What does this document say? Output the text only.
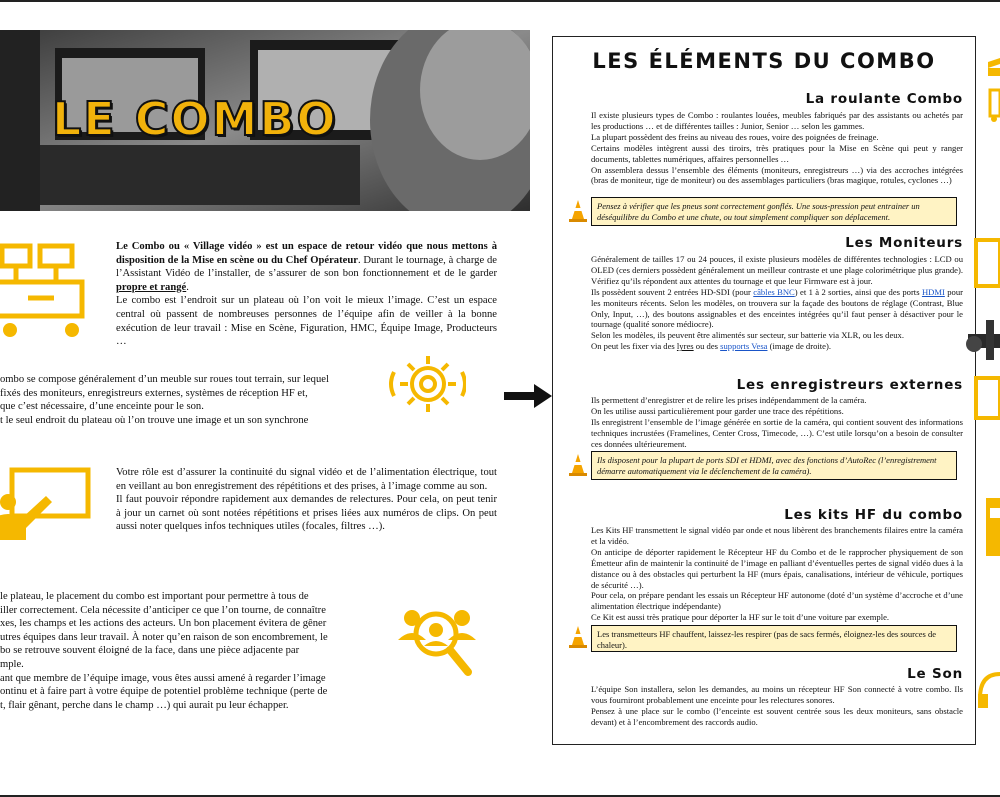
LE COMBO

Le Combo ou « Village vidéo » est un espace de retour vidéo que nous mettons à disposition de la Mise en scène ou du Chef Opérateur. Durant le tournage, à charge de l’Assistant Vidéo de l’installer, de s’assurer de son bon fonctionnement et de le garder propre et rangé.

Le combo est l’endroit sur un plateau où l’on voit le mieux l’image. C’est un espace central où passent de nombreuses personnes de l’équipe afin de veiller à la bonne exécution de leur travail : Mise en Scène, Figuration, HMC, Équipe Image, Producteurs …

ombo se compose généralement d’un meuble sur roues tout terrain, sur lequel

fixés des moniteurs, enregistreurs externes, systèmes de réception HF et,

que c’est nécessaire, d’une enceinte pour le son.

t le seul endroit du plateau où l’on trouve une image et un son synchrone

Votre rôle est d’assurer la continuité du signal vidéo et de l’alimentation électrique, tout en veillant au bon enregistrement des répétitions et des prises, à l’image comme au son.

Il faut pouvoir répondre rapidement aux demandes de relectures. Pour cela, on peut tenir à jour un carnet où sont notées répétitions et prises liées aux numéros de clips. On peut aussi noter quelques infos techniques utiles (focales, filtres …).

le plateau, le placement du combo est important pour permettre à tous de

iller correctement. Cela nécessite d’anticiper ce que l’on tourne, de connaître

xes, les champs et les actions des acteurs. Un bon placement évitera de gêner

utres équipes dans leur travail. À noter qu’en raison de son encombrement, le

bo se retrouve souvent éloigné de la face, dans une pièce adjacente par

mple.

ant que membre de l’équipe image, vous êtes aussi amené à regarder l’image

ontinu et à faire part à votre équipe de potentiel problème technique (perte de

t, flair gênant, perche dans le champ …) qui aurait pu leur échapper.

LES ÉLÉMENTS DU COMBO
La roulante Combo

Il existe plusieurs types de Combo : roulantes louées, meubles fabriqués par des assistants ou achetés par les productions … et de différentes tailles : Junior, Senior … selon les gammes.

La plupart possèdent des freins au niveau des roues, voire des poignées de freinage.

Certains modèles intègrent aussi des tiroirs, très pratiques pour la Mise en Scène qui peut y ranger documents, tablettes numériques, affaires personnelles …

On assemblera dessus l’ensemble des éléments (moniteurs, enregistreurs …) via des accroches intégrées (bras de moniteur, tige de moniteur) ou des assemblages particuliers (bras magique, rotules, cyclones …)

Pensez à vérifier que les pneus sont correctement gonflés. Une sous-pression peut entrainer un déséquilibre du Combo et une chute, ou tout simplement compliquer son déplacement.
Les Moniteurs

Généralement de tailles 17 ou 24 pouces, il existe plusieurs modèles de différentes technologies : LCD ou OLED (ces derniers possèdent généralement un meilleur contraste et une plage colorimétrique plus grande). Vérifiez qu’ils répondent aux attentes du tournage et que leur Firmware est à jour.

Ils possèdent souvent 2 entrées HD-SDI (pour câbles BNC) et 1 à 2 sorties, ainsi que des ports HDMI pour les moniteurs récents. Selon les modèles, on trouvera sur la façade des boutons de réglage (Contrast, Blue Only, Input, …), des boutons assignables et des enceintes intégrées qu’il faut penser à désactiver pour le tournage (qualité sonore médiocre).

Selon les modèles, ils peuvent être alimentés sur secteur, sur batterie via XLR, ou les deux.

On peut les fixer via des lyres ou des supports Vesa (image de droite).

Les enregistreurs externes

Ils permettent d’enregistrer et de relire les prises indépendamment de la caméra.

On les utilise aussi particulièrement pour garder une trace des répétitions.

Ils enregistrent l’ensemble de l’image générée en sortie de la caméra, qui contient souvent des informations techniques incrustées (Framelines, Center Cross, Timecode, …). C’est utile lorsqu’on a besoin de consulter ces données ultérieurement.

Ils disposent pour la plupart de ports SDI et HDMI, avec des fonctions d’AutoRec (l’enregistrement démarre automatiquement via le déclenchement de la caméra).
Les kits HF du combo

Les Kits HF transmettent le signal vidéo par onde et nous libèrent des branchements filaires entre la caméra et la vidéo.

On anticipe de déporter rapidement le Récepteur HF du Combo et de le rapprocher physiquement de son Émetteur afin de maintenir la continuité de l’image en palliant d’éventuelles pertes de signal vidéo dues à la distance ou à des obstacles qui perturbent la HF (murs épais, canalisations, intérieur de véhicule, portiques de sécurité …).

Pour cela, on prépare pendant les essais un Récepteur HF autonome (doté d’un système d’accroche et d’une alimentation électrique indépendante)

Ce Kit est aussi très pratique pour déporter la HF sur le toit d’une voiture par exemple.

Les transmetteurs HF chauffent, laissez-les respirer (pas de sacs fermés, éloignez-les des sources de chaleur).
Le Son

L’équipe Son installera, selon les demandes, au moins un récepteur HF Son connecté à votre combo. Ils vous fourniront probablement une enceinte pour les relectures sonores.

Pensez à une place sur le combo (l’enceinte est souvent centrée sous les deux moniteurs, sans obstacle devant) et à l’encombrement des raccords audio.
